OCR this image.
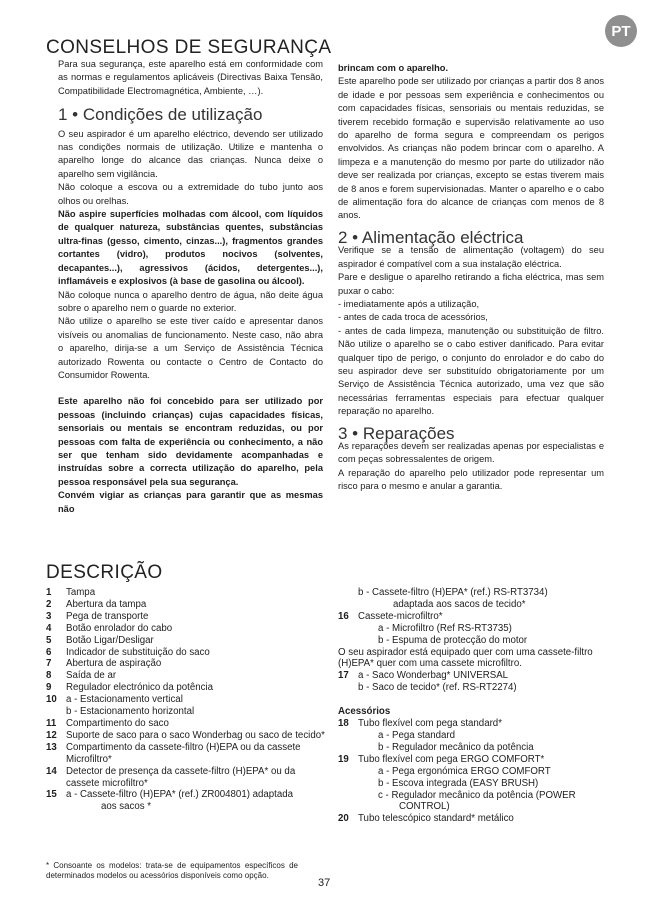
PT
CONSELHOS DE SEGURANÇA

Para sua segurança, este aparelho está em conformidade com as normas e regulamentos aplicáveis (Directivas Baixa Tensão, Compatibilidade Electromagnética, Ambiente, …).

1 • Condições de utilização

O seu aspirador é um aparelho eléctrico, devendo ser utilizado nas condições normais de utilização. Utilize e mantenha o aparelho longe do alcance das crianças. Nunca deixe o aparelho sem vigilância.

Não coloque a escova ou a extremidade do tubo junto aos olhos ou orelhas.

Não aspire superfícies molhadas com álcool, com líquidos de qualquer natureza, substâncias quentes, substâncias ultra-finas (gesso, cimento, cinzas...), fragmentos grandes cortantes (vidro), produtos nocivos (solventes, decapantes...), agressivos (ácidos, detergentes...), inflamáveis e explosivos (à base de gasolina ou álcool).

Não coloque nunca o aparelho dentro de água, não deite água sobre o aparelho nem o guarde no exterior.

Não utilize o aparelho se este tiver caído e apresentar danos visíveis ou anomalias de funcionamento. Neste caso, não abra o aparelho, dirija-se a um Serviço de Assistência Técnica autorizado Rowenta ou contacte o Centro de Contacto do Consumidor Rowenta.

Este aparelho não foi concebido para ser utilizado por pessoas (incluindo crianças) cujas capacidades físicas, sensoriais ou mentais se encontram reduzidas, ou por pessoas com falta de experiência ou conhecimento, a não ser que tenham sido devidamente acompanhadas e instruídas sobre a correcta utilização do aparelho, pela pessoa responsável pela sua segurança.

Convém vigiar as crianças para garantir que as mesmas não

brincam com o aparelho.

Este aparelho pode ser utilizado por crianças a partir dos 8 anos de idade e por pessoas sem experiência e conhecimentos ou com capacidades físicas, sensoriais ou mentais reduzidas, se tiverem recebido formação e supervisão relativamente ao uso do aparelho de forma segura e compreendam os perigos envolvidos. As crianças não podem brincar com o aparelho. A limpeza e a manutenção do mesmo por parte do utilizador não deve ser realizada por crianças, excepto se estas tiverem mais de 8 anos e forem supervisionadas. Manter o aparelho e o cabo de alimentação fora do alcance de crianças com menos de 8 anos.

2 • Alimentação eléctrica

Verifique se a tensão de alimentação (voltagem) do seu aspirador é compatível com a sua instalação eléctrica.

Pare e desligue o aparelho retirando a ficha eléctrica, mas sem puxar o cabo:

- imediatamente após a utilização,

- antes de cada troca de acessórios,

- antes de cada limpeza, manutenção ou substituição de filtro. Não utilize o aparelho se o cabo estiver danificado. Para evitar qualquer tipo de perigo, o conjunto do enrolador e do cabo do seu aspirador deve ser substituído obrigatoriamente por um Serviço de Assistência Técnica autorizado, uma vez que são necessárias ferramentas especiais para efectuar qualquer reparação no aparelho.

3 • Reparações

As reparações devem ser realizadas apenas por especialistas e com peças sobressalentes de origem.

A reparação do aparelho pelo utilizador pode representar um risco para o mesmo e anular a garantia.

DESCRIÇÃO
1 Tampa
2 Abertura da tampa
3 Pega de transporte
4 Botão enrolador do cabo
5 Botão Ligar/Desligar
6 Indicador de substituição do saco
7 Abertura de aspiração
8 Saída de ar
9 Regulador electrónico da potência
10 a - Estacionamento vertical
b - Estacionamento horizontal
11 Compartimento do saco
12 Suporte de saco para o saco Wonderbag ou saco de tecido*
13 Compartimento da cassete-filtro (H)EPA ou da cassete Microfiltro*
14 Detector de presença da cassete-filtro (H)EPA* ou da cassete microfiltro*
15 a - Cassete-filtro (H)EPA* (ref.) ZR004801) adaptada
aos sacos *
b - Cassete-filtro (H)EPA* (ref.) RS-RT3734)
adaptada aos sacos de tecido*
16 Cassete-microfiltro*
a - Microfiltro (Ref RS-RT3735)
b - Espuma de protecção do motor
O seu aspirador está equipado quer com uma cassete-filtro (H)EPA* quer com uma cassete microfiltro.
17 a - Saco Wonderbag* UNIVERSAL
b - Saco de tecido* (ref. RS-RT2274)
Acessórios
18 Tubo flexível com pega standard*
a - Pega standard
b - Regulador mecânico da potência
19 Tubo flexível com pega ERGO COMFORT*
a - Pega ergonómica ERGO COMFORT
b - Escova integrada (EASY BRUSH)
c - Regulador mecânico da potência (POWER
CONTROL)
20 Tubo telescópico standard* metálico
* Consoante os modelos: trata-se de equipamentos específicos de determinados modelos ou acessórios disponíveis como opção.
37
